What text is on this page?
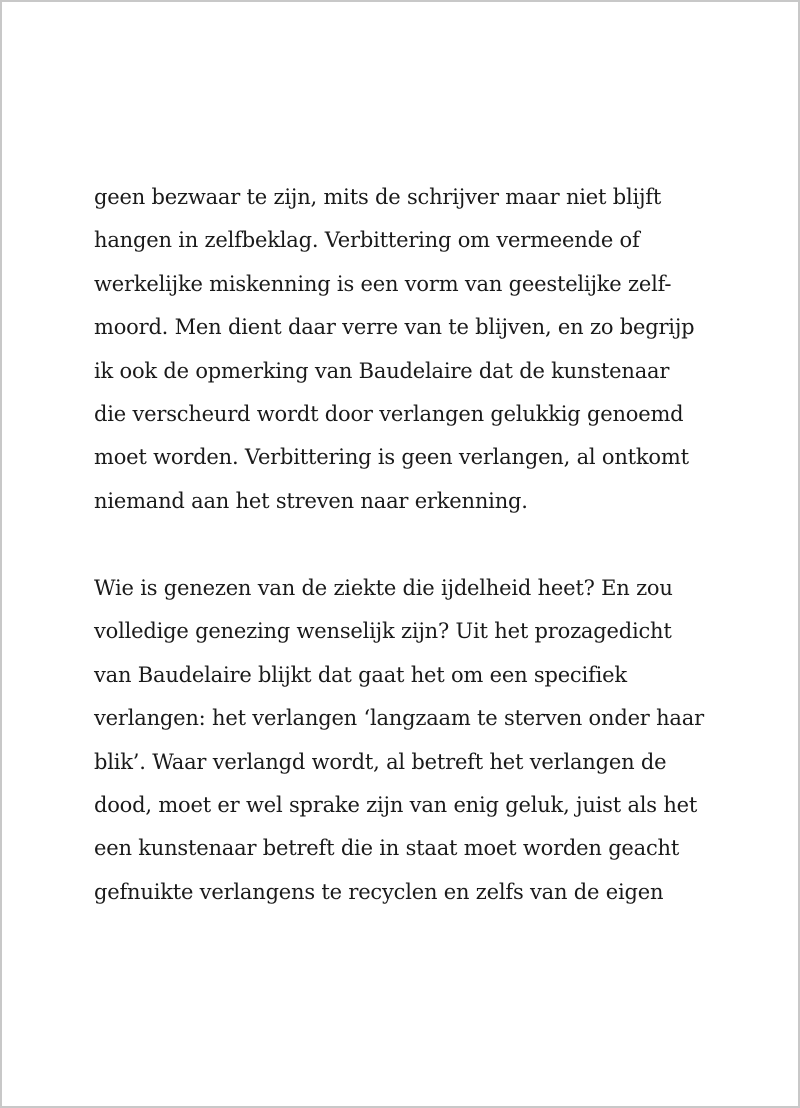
geen bezwaar te zijn, mits de schrijver maar niet blijft
hangen in zelfbeklag. Verbittering om vermeende of
werkelijke miskenning is een vorm van geestelijke zelf-
moord. Men dient daar verre van te blijven, en zo begrijp
ik ook de opmerking van Baudelaire dat de kunstenaar
die verscheurd wordt door verlangen gelukkig genoemd
moet worden. Verbittering is geen verlangen, al ontkomt
niemand aan het streven naar erkenning.
Wie is genezen van de ziekte die ijdelheid heet? En zou
volledige genezing wenselijk zijn? Uit het prozagedicht
van Baudelaire blijkt dat gaat het om een specifiek
verlangen: het verlangen ‘langzaam te sterven onder haar
blik’. Waar verlangd wordt, al betreft het verlangen de
dood, moet er wel sprake zijn van enig geluk, juist als het
een kunstenaar betreft die in staat moet worden geacht
gefnuikte verlangens te recyclen en zelfs van de eigen
